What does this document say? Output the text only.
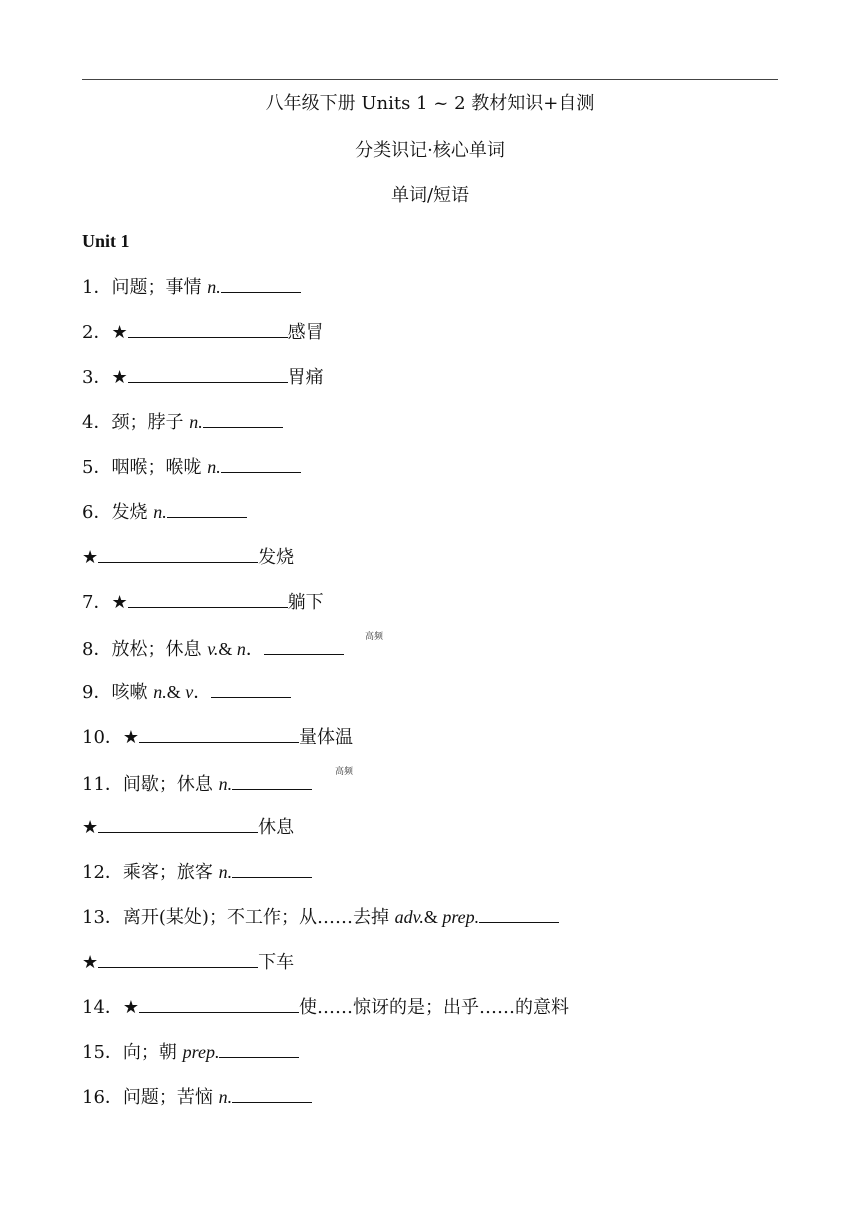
八年级下册 Units 1 ~ 2 教材知识+自测
分类识记·核心单词
单词/短语
Unit 1
1．问题；事情 n.
2．★	感冒
3．★	胃痛
4．颈；脖子 n.
5．咽喉；喉咙 n.
6．发烧 n.
★	发烧
7．★	躺下
8．放松；休息 v.& n．
高频
9．咳嗽 n.& v．
10．★	量体温
11．间歇；休息 n.
高频
★	休息
12．乘客；旅客 n.
13．离开(某处)；不工作；从……去掉 adv.& prep.
★	下车
14．★	使……惊讶的是；出乎……的意料
15．向；朝 prep.
16．问题；苦恼 n.
